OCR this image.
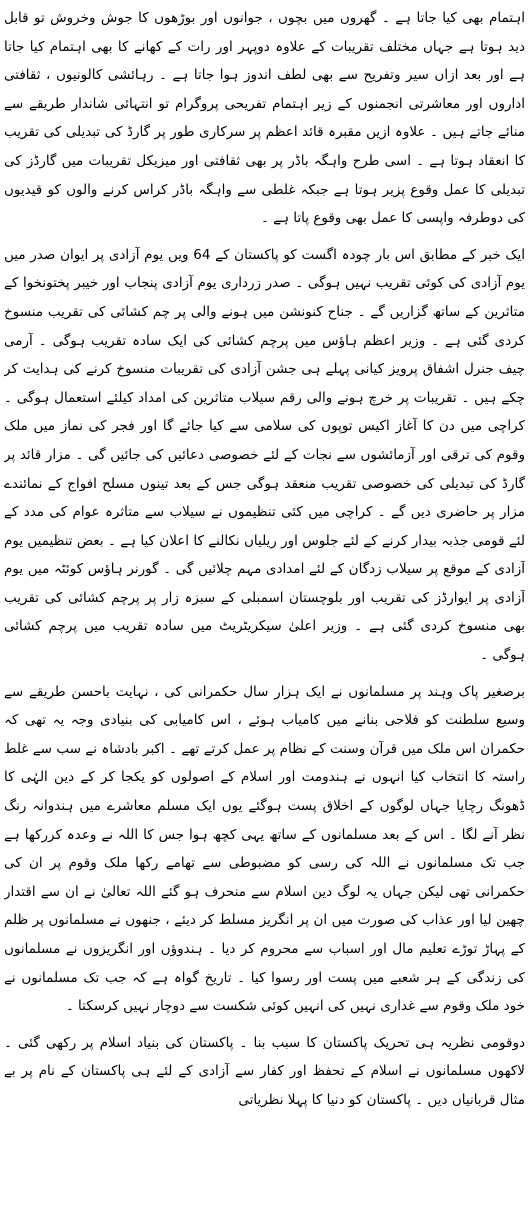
اہتمام بھی کیا جاتا ہے ۔ گھروں میں بچوں ، جوانوں اور بوڑھوں کا جوش وخروش تو قابل دید ہوتا ہے جہاں مختلف تقریبات کے علاوہ دوپہر اور رات کے کھانے کا بھی اہتمام کیا جاتا ہے اور بعد ازاں سیر وتفریح سے بھی لطف اندوز ہوا جاتا ہے ۔ رہائشی کالونیوں ، ثقافتی اداروں اور معاشرتی انجمنوں کے زیر اہتمام تفریحی پروگرام تو انتہائی شاندار طریقے سے منائے جاتے ہیں ۔ علاوہ ازیں مقبرہ قائد اعظم پر سرکاری طور پر گارڈ کی تبدیلی کی تقریب کا انعقاد ہوتا ہے ۔ اسی طرح واہگہ باڈر پر بھی ثقافتی اور میزیکل تقریبات میں گارڈز کی تبدیلی کا عمل وقوع پزیر ہوتا ہے جبکہ غلطی سے واہگہ باڈر کراس کرنے والوں کو قیدیوں کی دوطرفہ واپسی کا عمل بھی وقوع پاتا ہے ۔

ایک خبر کے مطابق اس بار چودہ اگست کو پاکستان کے 64 ویں یوم آزادی پر ایوان صدر میں یوم آزادی کی کوئی تقریب نہیں ہوگی ۔ صدر زرداری یوم آزادی پنجاب اور خیبر پختونخوا کے متاثرین کے ساتھ گزاریں گے ۔ جناح کنونشن میں ہونے والی پر چم کشائی کی تقریب منسوخ کردی گئی ہے ۔ وزیر اعظم ہاؤس میں پرچم کشائی کی ایک سادہ تقریب ہوگی ۔ آرمی چیف جنرل اشفاق پرویز کیانی پہلے ہی جشن آزادی کی تقریبات منسوخ کرنے کی ہدایت کر چکے ہیں ۔ تقریبات پر خرچ ہونے والی رقم سیلاب متاثرین کی امداد کیلئے استعمال ہوگی ۔ کراچی میں دن کا آغاز اکیس توپوں کی سلامی سے کیا جائے گا اور فجر کی نماز میں ملک وقوم کی ترقی اور آزمائشوں سے نجات کے لئے خصوصی دعائیں کی جائیں گی ۔ مزار قائد پر گارڈ کی تبدیلی کی خصوصی تقریب منعقد ہوگی جس کے بعد تینوں مسلح افواج کے نمائندے مزار پر حاضری دیں گے ۔ کراچی میں کئی تنظیموں نے سیلاب سے متاثرہ عوام کی مدد کے لئے قومی جذبہ بیدار کرنے کے لئے جلوس اور ریلیاں نکالنے کا اعلان کیا ہے ۔ بعض تنظیمیں یوم آزادی کے موقع پر سیلاب زدگان کے لئے امدادی مہم چلائیں گی ۔ گورنر ہاؤس کوئٹہ میں یوم آزادی پر ایوارڈز کی تقریب اور بلوچستان اسمبلی کے سبزہ زار پر پرچم کشائی کی تقریب بھی منسوخ کردی گئی ہے ۔ وزیر اعلیٰ سیکریٹریٹ میں سادہ تقریب میں پرچم کشائی ہوگی ۔

برصغیر پاک وہند پر مسلمانوں نے ایک ہزار سال حکمرانی کی ، نہایت باحسن طریقے سے وسیع سلطنت کو فلاحی بنانے میں کامیاب ہوئے ، اس کامیابی کی بنیادی وجہ یہ تھی کہ حکمران اس ملک میں قرآن وسنت کے نظام پر عمل کرتے تھے ۔ اکبر بادشاہ نے سب سے غلط راستہ کا انتخاب کیا انہوں نے ہندومت اور اسلام کے اصولوں کو یکجا کر کے دین الہٰی کا ڈھونگ رچایا جہاں لوگوں کے اخلاق پست ہوگئے یوں ایک مسلم معاشرے میں ہندوانہ رنگ نظر آنے لگا ۔ اس کے بعد مسلمانوں کے ساتھ یہی کچھ ہوا جس کا اللہ نے وعدہ کررکھا ہے جب تک مسلمانوں نے اللہ کی رسی کو مضبوطی سے تھامے رکھا ملک وقوم پر ان کی حکمرانی تھی لیکن جہاں یہ لوگ دین اسلام سے منحرف ہو گئے اللہ تعالیٰ نے ان سے اقتدار چھین لیا اور عذاب کی صورت میں ان پر انگریز مسلط کر دیئے ، جنھوں نے مسلمانوں پر ظلم کے پہاڑ توڑے تعلیم مال اور اسباب سے محروم کر دیا ۔ ہندوؤں اور انگریزوں نے مسلمانوں کی زندگی کے ہر شعبے میں پست اور رسوا کیا ۔ تاریخ گواہ ہے کہ جب تک مسلمانوں نے خود ملک وقوم سے غداری نہیں کی انہیں کوئی شکست سے دوچار نہیں کرسکتا ۔

دوقومی نظریہ ہی تحریک پاکستان کا سبب بنا ۔ پاکستان کی بنیاد اسلام پر رکھی گئی ۔ لاکھوں مسلمانوں نے اسلام کے تحفظ اور کفار سے آزادی کے لئے ہی پاکستان کے نام پر بے مثال قربانیاں دیں ۔ پاکستان کو دنیا کا پہلا نظریاتی
